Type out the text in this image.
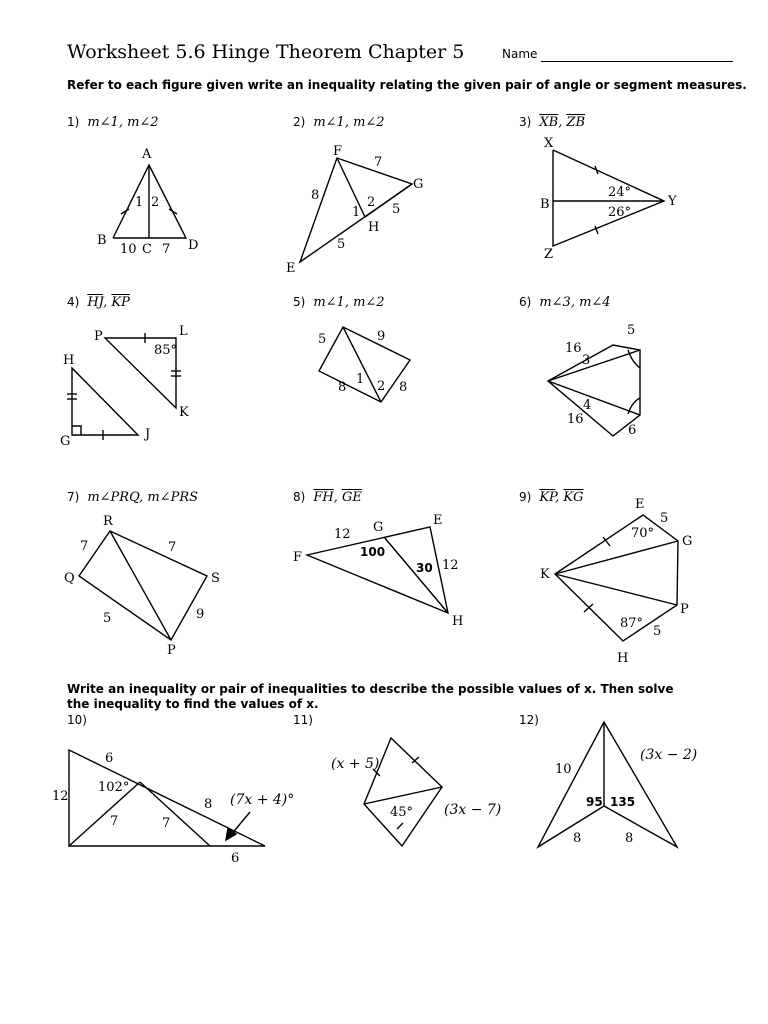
Worksheet 5.6 Hinge Theorem Chapter 5	Name
Refer to each figure given write an inequality relating the given pair of angle or segment measures.
1) m∠1, m∠2	2) m∠1, m∠2	3) $\overline{XB}$, $\overline{ZB}$
4) $\overline{HJ}$, $\overline{KP}$	5) m∠1, m∠2	6) m∠3, m∠4
7) m∠PRQ, m∠PRS	8) $\overline{FH}$, $\overline{GE}$	9) $\overline{KP}$, $\overline{KG}$
Write an inequality or pair of inequalities to describe the possible values of x. Then solve the inequality to find the values of x.
10)	11)	12)
A
B
C	D
1 2
10 7
F
G
H
E
7
8
5
5
1
2
X
B	Y
Z
24°
26°
P	L
K
H
G	J
85°
5	9
8	8
1 2
16
5
16
6
3
4
R
Q	S
P
7	7
5	9
F
G	E
H
12
12
100
30
E
G
K
P
H
5
5
70°
87°
6
12
102°
7	7
8
6
(7x + 4)°
(x + 5)
45° (3x − 7)
10
(3x − 2)
95 135
8	8
